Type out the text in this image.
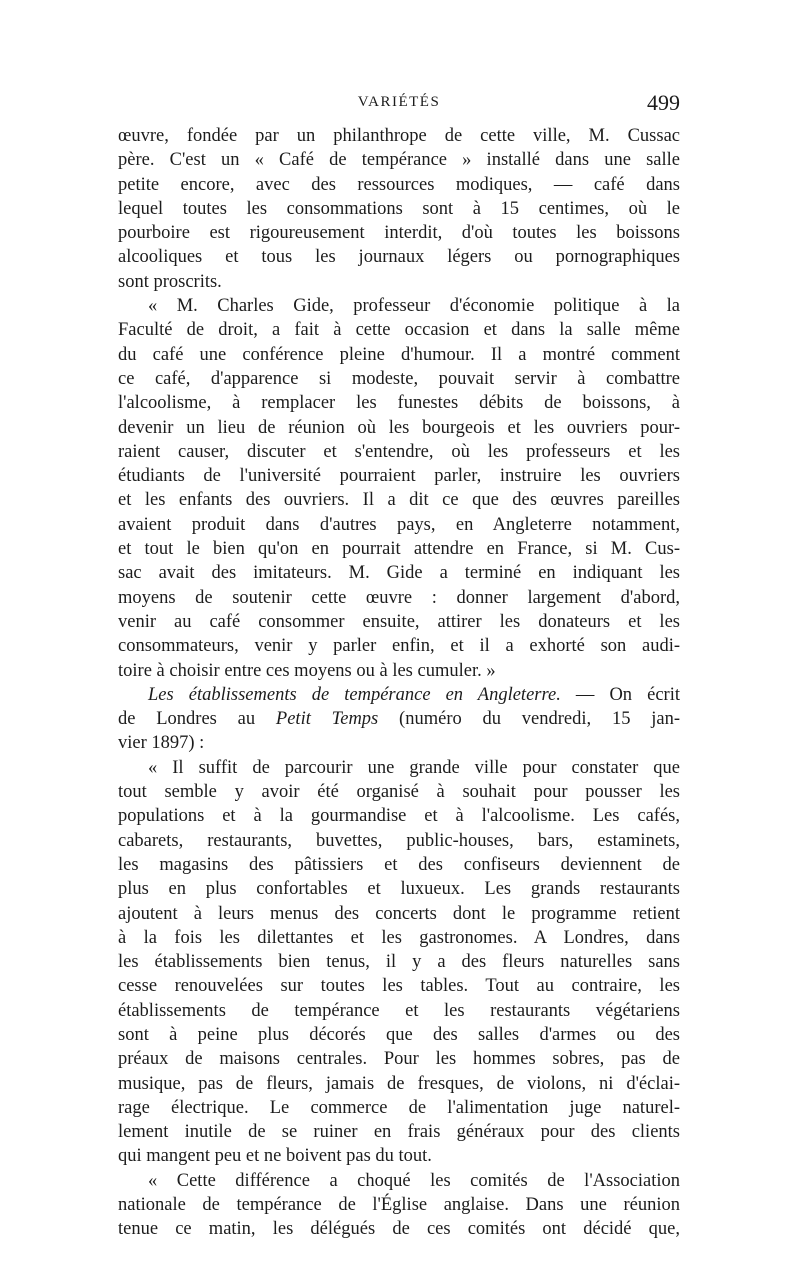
VARIÉTÉS	499
œuvre, fondée par un philanthrope de cette ville, M. Cussac
père. C'est un « Café de tempérance » installé dans une salle
petite encore, avec des ressources modiques, — café dans
lequel toutes les consommations sont à 15 centimes, où le
pourboire est rigoureusement interdit, d'où toutes les boissons
alcooliques et tous les journaux légers ou pornographiques
sont proscrits.
« M. Charles Gide, professeur d'économie politique à la
Faculté de droit, a fait à cette occasion et dans la salle même
du café une conférence pleine d'humour. Il a montré comment
ce café, d'apparence si modeste, pouvait servir à combattre
l'alcoolisme, à remplacer les funestes débits de boissons, à
devenir un lieu de réunion où les bourgeois et les ouvriers pour-
raient causer, discuter et s'entendre, où les professeurs et les
étudiants de l'université pourraient parler, instruire les ouvriers
et les enfants des ouvriers. Il a dit ce que des œuvres pareilles
avaient produit dans d'autres pays, en Angleterre notamment,
et tout le bien qu'on en pourrait attendre en France, si M. Cus-
sac avait des imitateurs. M. Gide a terminé en indiquant les
moyens de soutenir cette œuvre : donner largement d'abord,
venir au café consommer ensuite, attirer les donateurs et les
consommateurs, venir y parler enfin, et il a exhorté son audi-
toire à choisir entre ces moyens ou à les cumuler. »
Les établissements de tempérance en Angleterre. — On écrit
de Londres au Petit Temps (numéro du vendredi, 15 jan-
vier 1897) :
« Il suffit de parcourir une grande ville pour constater que
tout semble y avoir été organisé à souhait pour pousser les
populations et à la gourmandise et à l'alcoolisme. Les cafés,
cabarets, restaurants, buvettes, public-houses, bars, estaminets,
les magasins des pâtissiers et des confiseurs deviennent de
plus en plus confortables et luxueux. Les grands restaurants
ajoutent à leurs menus des concerts dont le programme retient
à la fois les dilettantes et les gastronomes. A Londres, dans
les établissements bien tenus, il y a des fleurs naturelles sans
cesse renouvelées sur toutes les tables. Tout au contraire, les
établissements de tempérance et les restaurants végétariens
sont à peine plus décorés que des salles d'armes ou des
préaux de maisons centrales. Pour les hommes sobres, pas de
musique, pas de fleurs, jamais de fresques, de violons, ni d'éclai-
rage électrique. Le commerce de l'alimentation juge naturel-
lement inutile de se ruiner en frais généraux pour des clients
qui mangent peu et ne boivent pas du tout.
« Cette différence a choqué les comités de l'Association
nationale de tempérance de l'Église anglaise. Dans une réunion
tenue ce matin, les délégués de ces comités ont décidé que,
